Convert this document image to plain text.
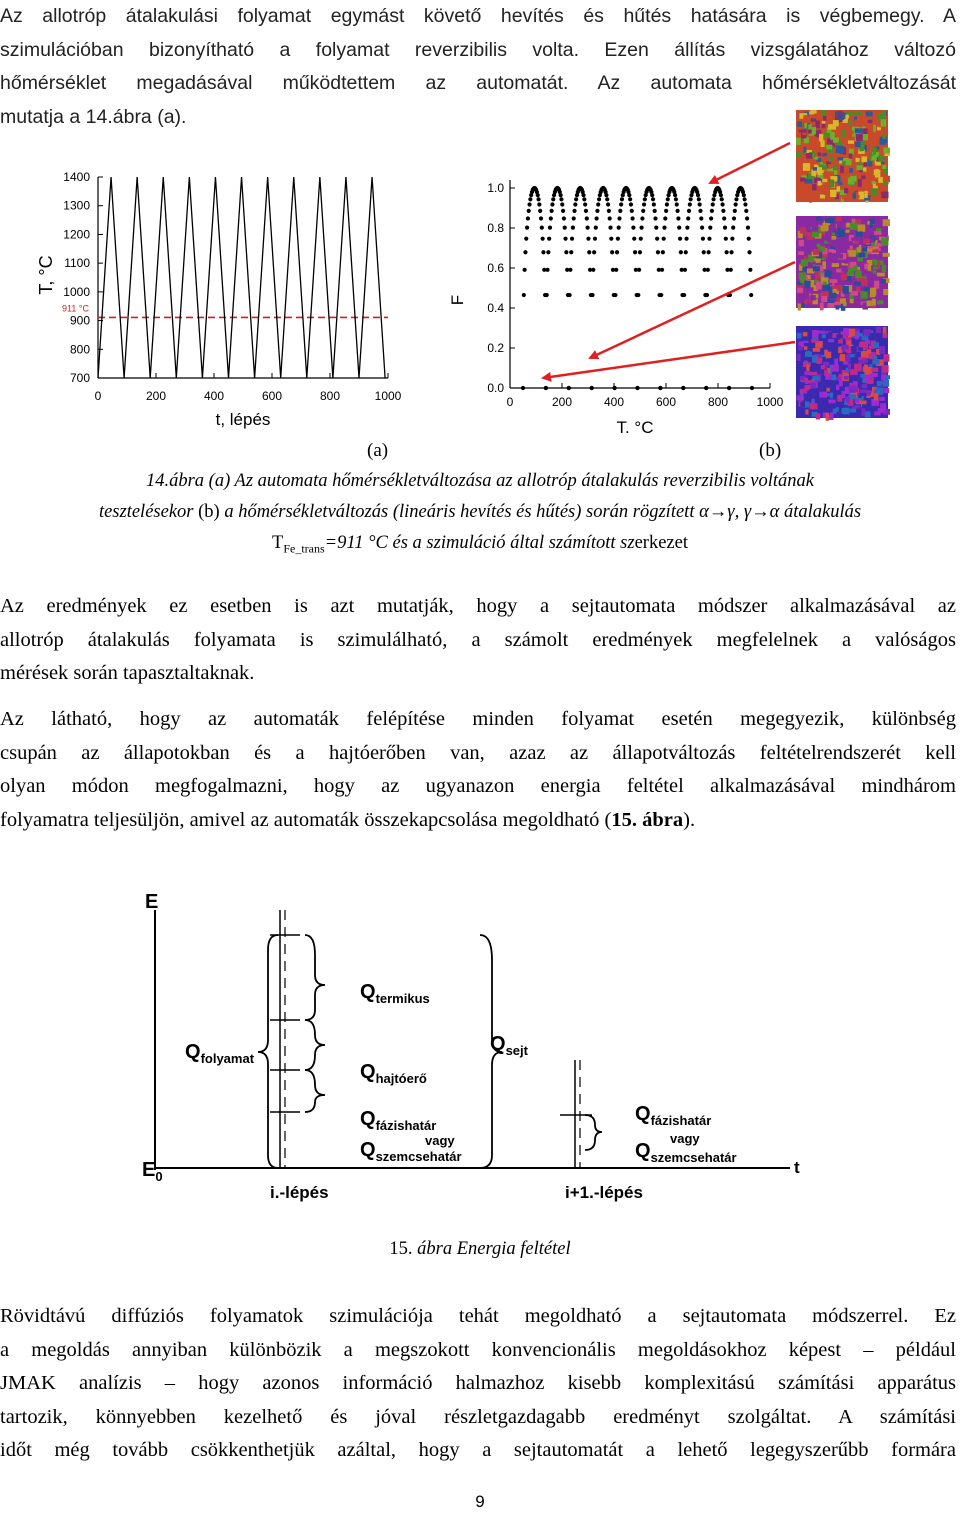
Az allotróp átalakulási folyamat egymást követő hevítés és hűtés hatására is végbemegy. A
szimulációban bizonyítható a folyamat reverzibilis volta. Ezen állítás vizsgálatához változó
hőmérséklet megadásával működtettem az automatát. Az automata hőmérsékletváltozását
mutatja a 14.ábra (a).
700
800
900
1000
1100
1200
1300
1400
0	200	400	600	800	1000
T, °C
t, lépés
911 °C
0.0
0.2
0.4
0.6
0.8
1.0
0	200	400	600	800 1000
F
T. °C
(a)	(b)
14.ábra (a) Az automata hőmérsékletváltozása az allotróp átalakulás reverzibilis voltának
tesztelésekor (b) a hőmérsékletváltozás (lineáris hevítés és hűtés) során rögzített α→γ, γ→α átalakulás
$T_{Fe\_trans}=911$ °C és a szimuláció által számított szerkezet
Az eredmények ez esetben is azt mutatják, hogy a sejtautomata módszer alkalmazásával az
allotróp átalakulás folyamata is szimulálható, a számolt eredmények megfelelnek a valóságos
mérések során tapasztaltaknak.
Az látható, hogy az automaták felépítése minden folyamat esetén megegyezik, különbség
csupán az állapotokban és a hajtóerőben van, azaz az állapotváltozás feltételrendszerét kell
olyan módon megfogalmazni, hogy az ugyanazon energia feltétel alkalmazásával mindhárom
folyamatra teljesüljön, amivel az automaták összekapcsolása megoldható (15. ábra).
E
$E_0$	t
$Q_{termikus}$
$Q_{folyamat}$
$Q_{sejt}$
$Q_{hajtóerő}$
$Q_{fázishatár}$
vagy
$Q_{szemcsehatár}$
$Q_{fázishatár}$
vagy
$Q_{szemcsehatár}$
i.-lépés	i+1.-lépés
15. ábra Energia feltétel
Rövidtávú diffúziós folyamatok szimulációja tehát megoldható a sejtautomata módszerrel. Ez
a megoldás annyiban különbözik a megszokott konvencionális megoldásokhoz képest – például
JMAK analízis – hogy azonos információ halmazhoz kisebb komplexitású számítási apparátus
tartozik, könnyebben kezelhető és jóval részletgazdagabb eredményt szolgáltat. A számítási
időt még tovább csökkenthetjük azáltal, hogy a sejtautomatát a lehető legegyszerűbb formára
9
